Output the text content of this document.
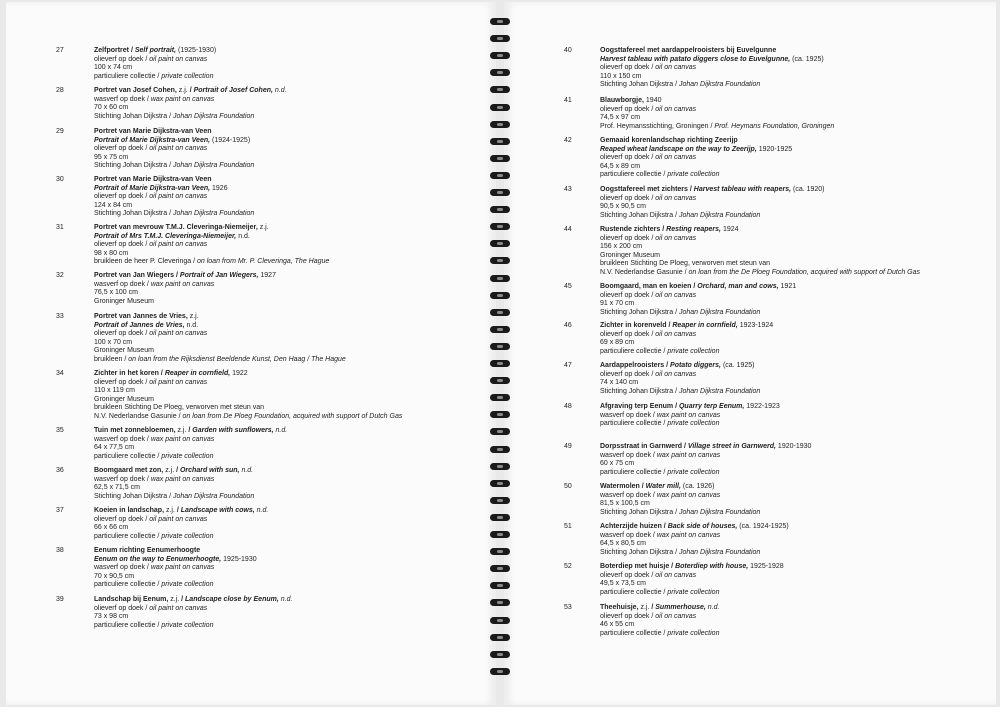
27	Zelfportret / Self portrait, (1925-1930)
olieverf op doek / oil paint on canvas
100 x 74 cm
particuliere collectie / private collection
28	Portret van Josef Cohen, z.j. / Portrait of Josef Cohen, n.d.
wasverf op doek / wax paint on canvas
70 x 60 cm
Stichting Johan Dijkstra / Johan Dijkstra Foundation
29	Portret van Marie Dijkstra-van Veen
Portrait of Marie Dijkstra-van Veen, (1924-1925)
olieverf op doek / oil paint on canvas
95 x 75 cm
Stichting Johan Dijkstra / Johan Dijkstra Foundation
30	Portret van Marie Dijkstra-van Veen
Portrait of Marie Dijkstra-van Veen, 1926
olieverf op doek / oil paint on canvas
124 x 84 cm
Stichting Johan Dijkstra / Johan Dijkstra Foundation
31	Portret van mevrouw T.M.J. Cleveringa-Niemeijer, z.j.
Portrait of Mrs T.M.J. Cleveringa-Niemeijer, n.d.
olieverf op doek / oil paint on canvas
98 x 80 cm
bruikleen de heer P. Cleveringa / on loan from Mr. P. Cleveringa, The Hague
32	Portret van Jan Wiegers / Portrait of Jan Wiegers, 1927
wasverf op doek / wax paint on canvas
76,5 x 100 cm
Groninger Museum
33	Portret van Jannes de Vries, z.j.
Portrait of Jannes de Vries, n.d.
olieverf op doek / oil paint on canvas
100 x 70 cm
Groninger Museum
bruikleen / on loan from the Rijksdienst Beeldende Kunst, Den Haag / The Hague
34	Zichter in het koren / Reaper in cornfield, 1922
olieverf op doek / oil paint on canvas
110 x 119 cm
Groninger Museum
bruikleen Stichting De Ploeg, verworven met steun van
N.V. Nederlandse Gasunie / on loan from De Ploeg Foundation, acquired with support of Dutch Gas
35	Tuin met zonnebloemen, z.j. / Garden with sunflowers, n.d.
wasverf op doek / wax paint on canvas
64 x 77,5 cm
particuliere collectie / private collection
36	Boomgaard met zon, z.j. / Orchard with sun, n.d.
wasverf op doek / wax paint on canvas
62,5 x 71,5 cm
Stichting Johan Dijkstra / Johan Dijkstra Foundation
37	Koeien in landschap, z.j. / Landscape with cows, n.d.
olieverf op doek / oil paint on canvas
66 x 66 cm
particuliere collectie / private collection
38	Eenum richting Eenumerhoogte
Eenum on the way to Eenumerhoogte, 1925-1930
wasverf op doek / wax paint on canvas
70 x 90,5 cm
particuliere collectie / private collection
39	Landschap bij Eenum, z.j. / Landscape close by Eenum, n.d.
olieverf op doek / oil paint on canvas
73 x 98 cm
particuliere collectie / private collection
40	Oogsttafereel met aardappelrooisters bij Euvelgunne
Harvest tableau with patato diggers close to Euvelgunne, (ca. 1925)
olieverf op doek / oil on canvas
110 x 150 cm
Stichting Johan Dijkstra / Johan Dijkstra Foundation
41	Blauwborgje, 1940
olieverf op doek / oil on canvas
74,5 x 97 cm
Prof. Heymansstichting, Groningen / Prof. Heymans Foundation, Groningen
42	Gemaaid korenlandschap richting Zeerijp
Reaped wheat landscape on the way to Zeerijp, 1920-1925
olieverf op doek / oil on canvas
64,5 x 89 cm
particuliere collectie / private collection
43	Oogsttafereel met zichters / Harvest tableau with reapers, (ca. 1920)
olieverf op doek / oil on canvas
90,5 x 90,5 cm
Stichting Johan Dijkstra / Johan Dijkstra Foundation
44	Rustende zichters / Resting reapers, 1924
olieverf op doek / oil on canvas
156 x 200 cm
Groninger Museum
bruikleen Stichting De Ploeg, verworven met steun van
N.V. Nederlandse Gasunie / on loan from the De Ploeg Foundation, acquired with support of Dutch Gas
45	Boomgaard, man en koeien / Orchard, man and cows, 1921
olieverf op doek / oil on canvas
91 x 70 cm
Stichting Johan Dijkstra / Johan Dijkstra Foundation
46	Zichter in korenveld / Reaper in cornfield, 1923-1924
olieverf op doek / oil on canvas
69 x 89 cm
particuliere collectie / private collection
47	Aardappelrooisters / Potato diggers, (ca. 1925)
olieverf op doek / oil on canvas
74 x 140 cm
Stichting Johan Dijkstra / Johan Dijkstra Foundation
48	Afgraving terp Eenum / Quarry terp Eenum, 1922-1923
wasverf op doek / wax paint on canvas
particuliere collectie / private collection
49	Dorpsstraat in Garnwerd / Village street in Garnwerd, 1920-1930
wasverf op doek / wax paint on canvas
60 x 75 cm
particuliere collectie / private collection
50	Watermolen / Water mill, (ca. 1926)
wasverf op doek / wax paint on canvas
81,5 x 100,5 cm
Stichting Johan Dijkstra / Johan Dijkstra Foundation
51	Achterzijde huizen / Back side of houses, (ca. 1924-1925)
wasverf op doek / wax paint on canvas
64,5 x 80,5 cm
Stichting Johan Dijkstra / Johan Dijkstra Foundation
52	Boterdiep met huisje / Boterdiep with house, 1925-1928
olieverf op doek / oil on canvas
49,5 x 73,5 cm
particuliere collectie / private collection
53	Theehuisje, z.j. / Summerhouse, n.d.
olieverf op doek / oil on canvas
46 x 55 cm
particuliere collectie / private collection
